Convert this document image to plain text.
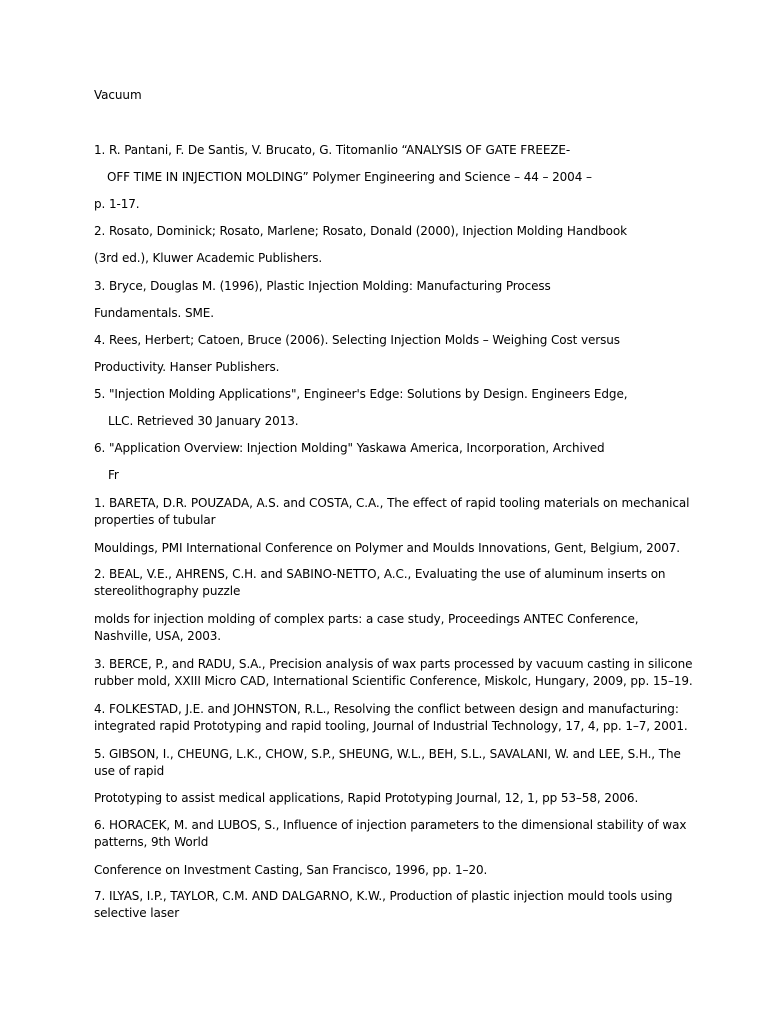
Vacuum
1. R. Pantani, F. De Santis, V. Brucato, G. Titomanlio “ANALYSIS OF GATE FREEZE-
OFF TIME IN INJECTION MOLDING” Polymer Engineering and Science – 44 – 2004 –
p. 1-17.
2. Rosato, Dominick; Rosato, Marlene; Rosato, Donald (2000), Injection Molding Handbook
(3rd ed.), Kluwer Academic Publishers.
3. Bryce, Douglas M. (1996), Plastic Injection Molding: Manufacturing Process
Fundamentals. SME.
4. Rees, Herbert; Catoen, Bruce (2006). Selecting Injection Molds – Weighing Cost versus
Productivity. Hanser Publishers.
5. "Injection Molding Applications", Engineer's Edge: Solutions by Design. Engineers Edge,
LLC. Retrieved 30 January 2013.
6. "Application Overview: Injection Molding" Yaskawa America, Incorporation, Archived
Fr
1. BARETA, D.R. POUZADA, A.S. and COSTA, C.A., The effect of rapid tooling materials on mechanical
properties of tubular
Mouldings, PMI International Conference on Polymer and Moulds Innovations, Gent, Belgium, 2007.
2. BEAL, V.E., AHRENS, C.H. and SABINO-NETTO, A.C., Evaluating the use of aluminum inserts on
stereolithography puzzle
molds for injection molding of complex parts: a case study, Proceedings ANTEC Conference,
Nashville, USA, 2003.
3. BERCE, P., and RADU, S.A., Precision analysis of wax parts processed by vacuum casting in silicone
rubber mold, XXIII Micro CAD, International Scientific Conference, Miskolc, Hungary, 2009, pp. 15–19.
4. FOLKESTAD, J.E. and JOHNSTON, R.L., Resolving the conflict between design and manufacturing:
integrated rapid Prototyping and rapid tooling, Journal of Industrial Technology, 17, 4, pp. 1–7, 2001.
5. GIBSON, I., CHEUNG, L.K., CHOW, S.P., SHEUNG, W.L., BEH, S.L., SAVALANI, W. and LEE, S.H., The
use of rapid
Prototyping to assist medical applications, Rapid Prototyping Journal, 12, 1, pp 53–58, 2006.
6. HORACEK, M. and LUBOS, S., Influence of injection parameters to the dimensional stability of wax
patterns, 9th World
Conference on Investment Casting, San Francisco, 1996, pp. 1–20.
7. ILYAS, I.P., TAYLOR, C.M. AND DALGARNO, K.W., Production of plastic injection mould tools using
selective laser
